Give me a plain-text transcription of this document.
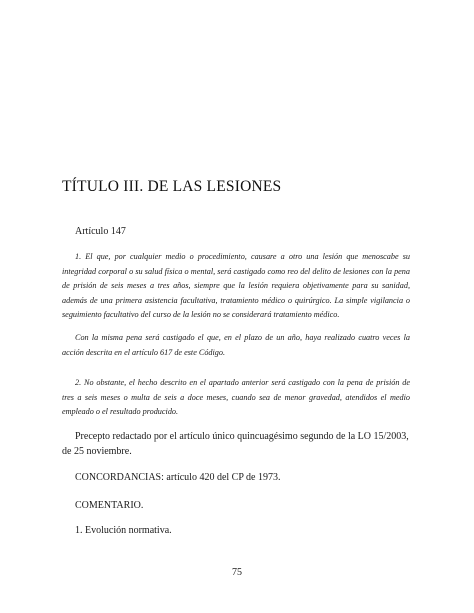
TÍTULO III. DE LAS LESIONES
Artículo 147

1. El que, por cualquier medio o procedimiento, causare a otro una lesión que menoscabe su integridad corporal o su salud física o mental, será castigado como reo del delito de lesiones con la pena de prisión de seis meses a tres años, siempre que la lesión requiera objetivamente para su sanidad, además de una primera asistencia facultativa, tratamiento médico o quirúrgico. La simple vigilancia o seguimiento facultativo del curso de la lesión no se considerará tratamiento médico.

Con la misma pena será castigado el que, en el plazo de un año, haya realizado cuatro veces la acción descrita en el artículo 617 de este Código.

2. No obstante, el hecho descrito en el apartado anterior será castigado con la pena de prisión de tres a seis meses o multa de seis a doce meses, cuando sea de menor gravedad, atendidos el medio empleado o el resultado producido.

Precepto redactado por el artículo único quincuagésimo segundo de la LO 15/2003, de 25 noviembre.

CONCORDANCIAS: artículo 420 del CP de 1973.

COMENTARIO.

1. Evolución normativa.

75
